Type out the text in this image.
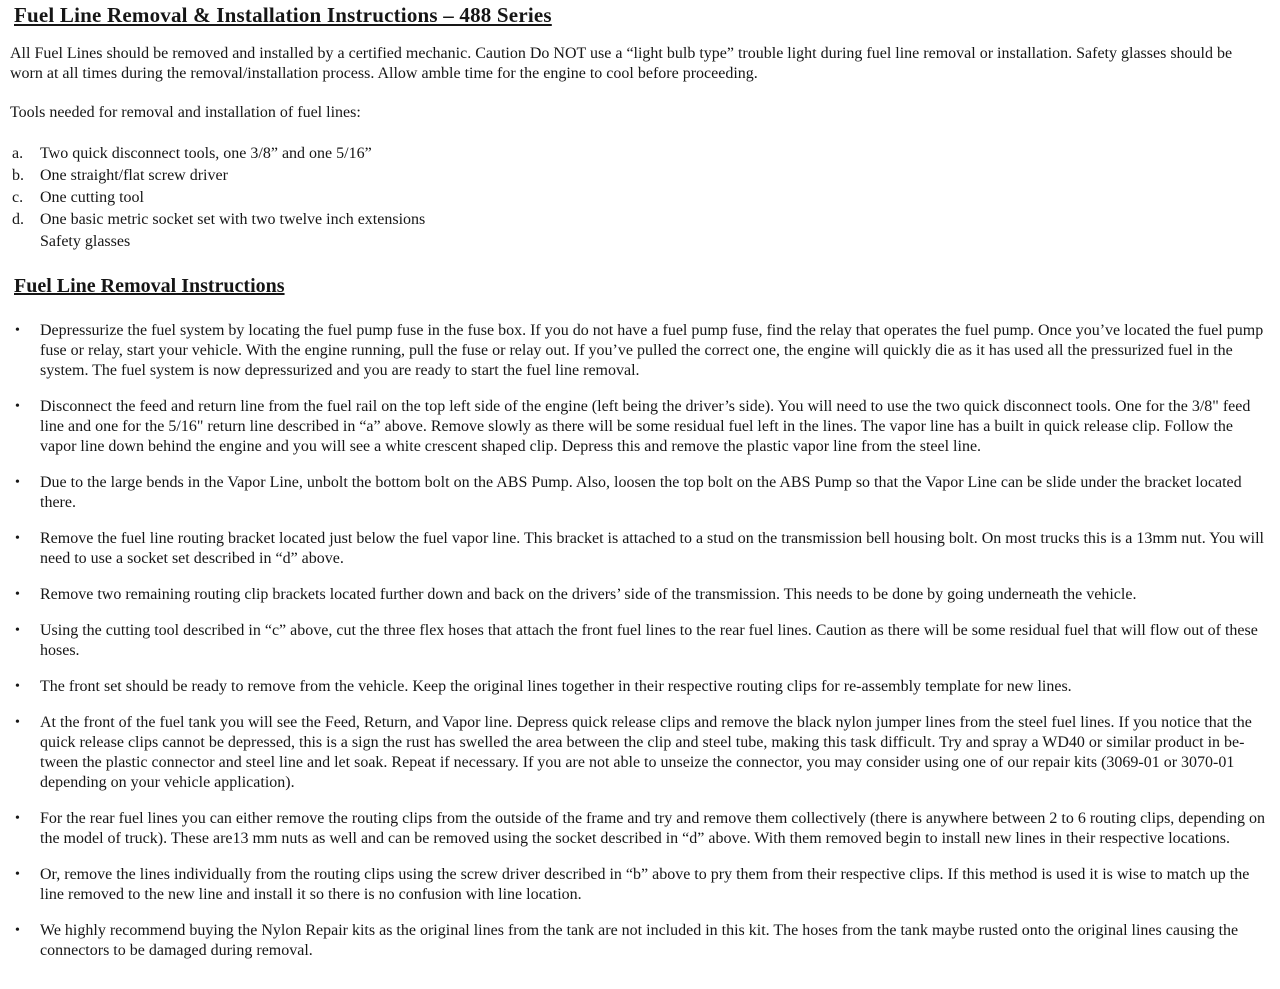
Fuel Line Removal & Installation Instructions – 488 Series

All Fuel Lines should be removed and installed by a certified mechanic. Caution Do NOT use a “light bulb type” trouble light during fuel line removal or installation. Safety glasses should be worn at all times during the removal/installation process. Allow amble time for the engine to cool before proceeding.

Tools needed for removal and installation of fuel lines:

a.	Two quick disconnect tools, one 3/8” and one 5/16”
b.	One straight/flat screw driver
c.	One cutting tool
d.	One basic metric socket set with two twelve inch extensions
Safety glasses
Fuel Line Removal Instructions
•	Depressurize the fuel system by locating the fuel pump fuse in the fuse box. If you do not have a fuel pump fuse, find the relay that operates the fuel pump. Once you’ve located the fuel pump fuse or relay, start your vehicle. With the engine running, pull the fuse or relay out. If you’ve pulled the correct one, the engine will quickly die as it has used all the pressurized fuel in the system. The fuel system is now depressurized and you are ready to start the fuel line removal.
•	Disconnect the feed and return line from the fuel rail on the top left side of the engine (left being the driver’s side). You will need to use the two quick disconnect tools. One for the 3/8" feed line and one for the 5/16" return line described in “a” above. Remove slowly as there will be some residual fuel left in the lines. The vapor line has a built in quick release clip. Follow the vapor line down behind the engine and you will see a white crescent shaped clip. Depress this and remove the plastic vapor line from the steel line.
•	Due to the large bends in the Vapor Line, unbolt the bottom bolt on the ABS Pump. Also, loosen the top bolt on the ABS Pump so that the Vapor Line can be slide under the bracket located there.
•	Remove the fuel line routing bracket located just below the fuel vapor line. This bracket is attached to a stud on the transmission bell housing bolt. On most trucks this is a 13mm nut. You will need to use a socket set described in “d” above.
•	Remove two remaining routing clip brackets located further down and back on the drivers’ side of the transmission. This needs to be done by going underneath the vehicle.
•	Using the cutting tool described in “c” above, cut the three flex hoses that attach the front fuel lines to the rear fuel lines. Caution as there will be some residual fuel that will flow out of these hoses.
•	The front set should be ready to remove from the vehicle. Keep the original lines together in their respective routing clips for re-assembly template for new lines.
•	At the front of the fuel tank you will see the Feed, Return, and Vapor line. Depress quick release clips and remove the black nylon jumper lines from the steel fuel lines. If you notice that the quick release clips cannot be depressed, this is a sign the rust has swelled the area between the clip and steel tube, making this task difficult. Try and spray a WD40 or similar product in be-tween the plastic connector and steel line and let soak. Repeat if necessary. If you are not able to unseize the connector, you may consider using one of our repair kits (3069-01 or 3070-01 depending on your vehicle application).
•	For the rear fuel lines you can either remove the routing clips from the outside of the frame and try and remove them collectively (there is anywhere between 2 to 6 routing clips, depending on the model of truck). These are13 mm nuts as well and can be removed using the socket described in “d” above. With them removed begin to install new lines in their respective locations.
•	Or, remove the lines individually from the routing clips using the screw driver described in “b” above to pry them from their respective clips. If this method is used it is wise to match up the line removed to the new line and install it so there is no confusion with line location.
•	We highly recommend buying the Nylon Repair kits as the original lines from the tank are not included in this kit. The hoses from the tank maybe rusted onto the original lines causing the connectors to be damaged during removal.
